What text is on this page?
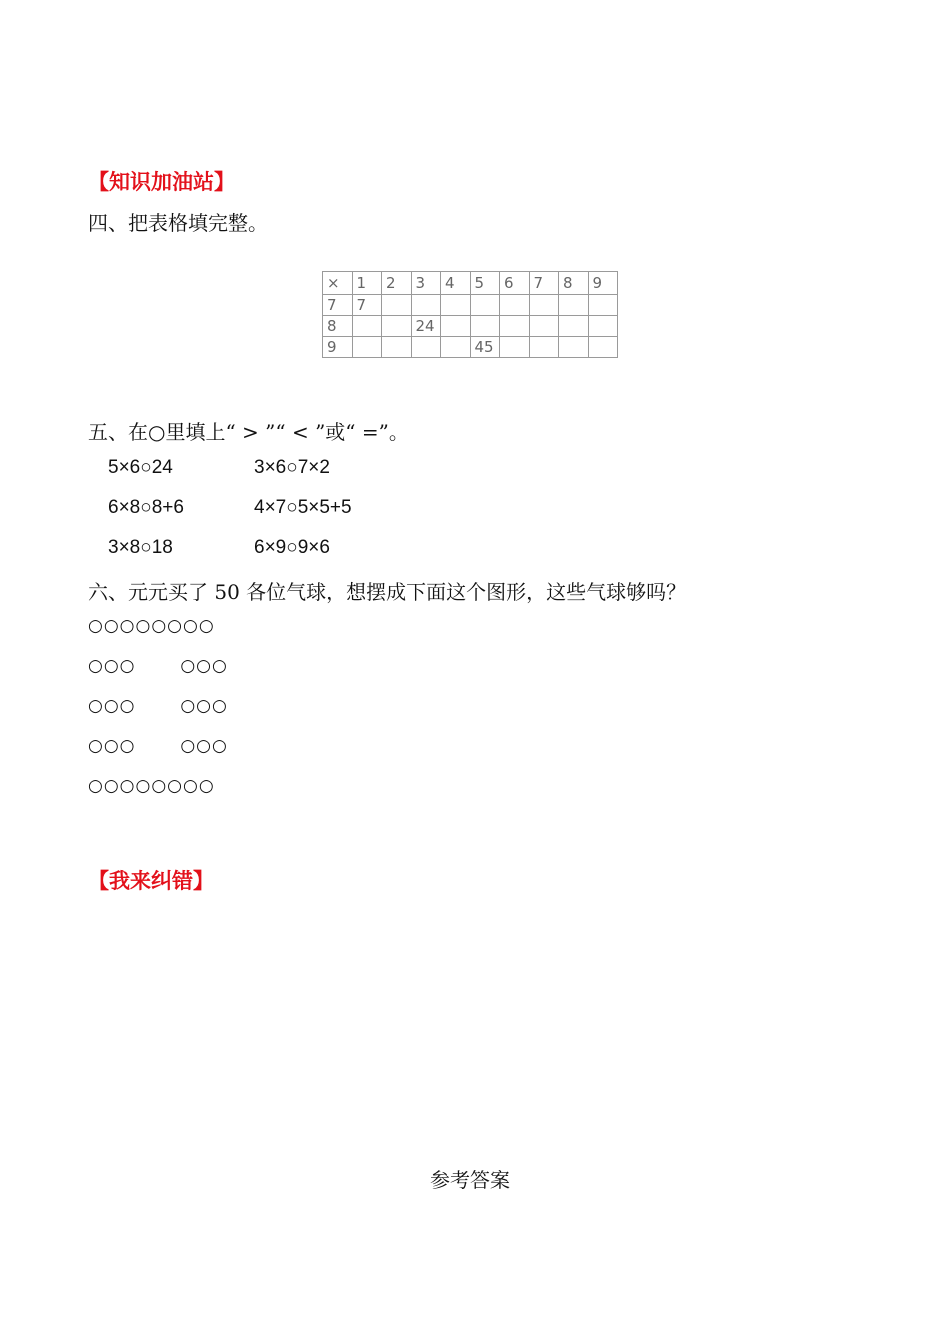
【知识加油站】
四、把表格填完整。
×	1	2	3	4	5	6	7	8	9
7	7								
8			24						
9					45				
五、在○里填上“ > ”“ < ”或“ =”。
5×6○24	3×6○7×2
6×8○8+6	4×7○5×5+5
3×8○18	6×9○9×6
六、元元买了 50 各位气球，想摆成下面这个图形，这些气球够吗？
○○○○○○○○
○○○       ○○○
○○○       ○○○
○○○       ○○○
○○○○○○○○
【我来纠错】
参考答案
